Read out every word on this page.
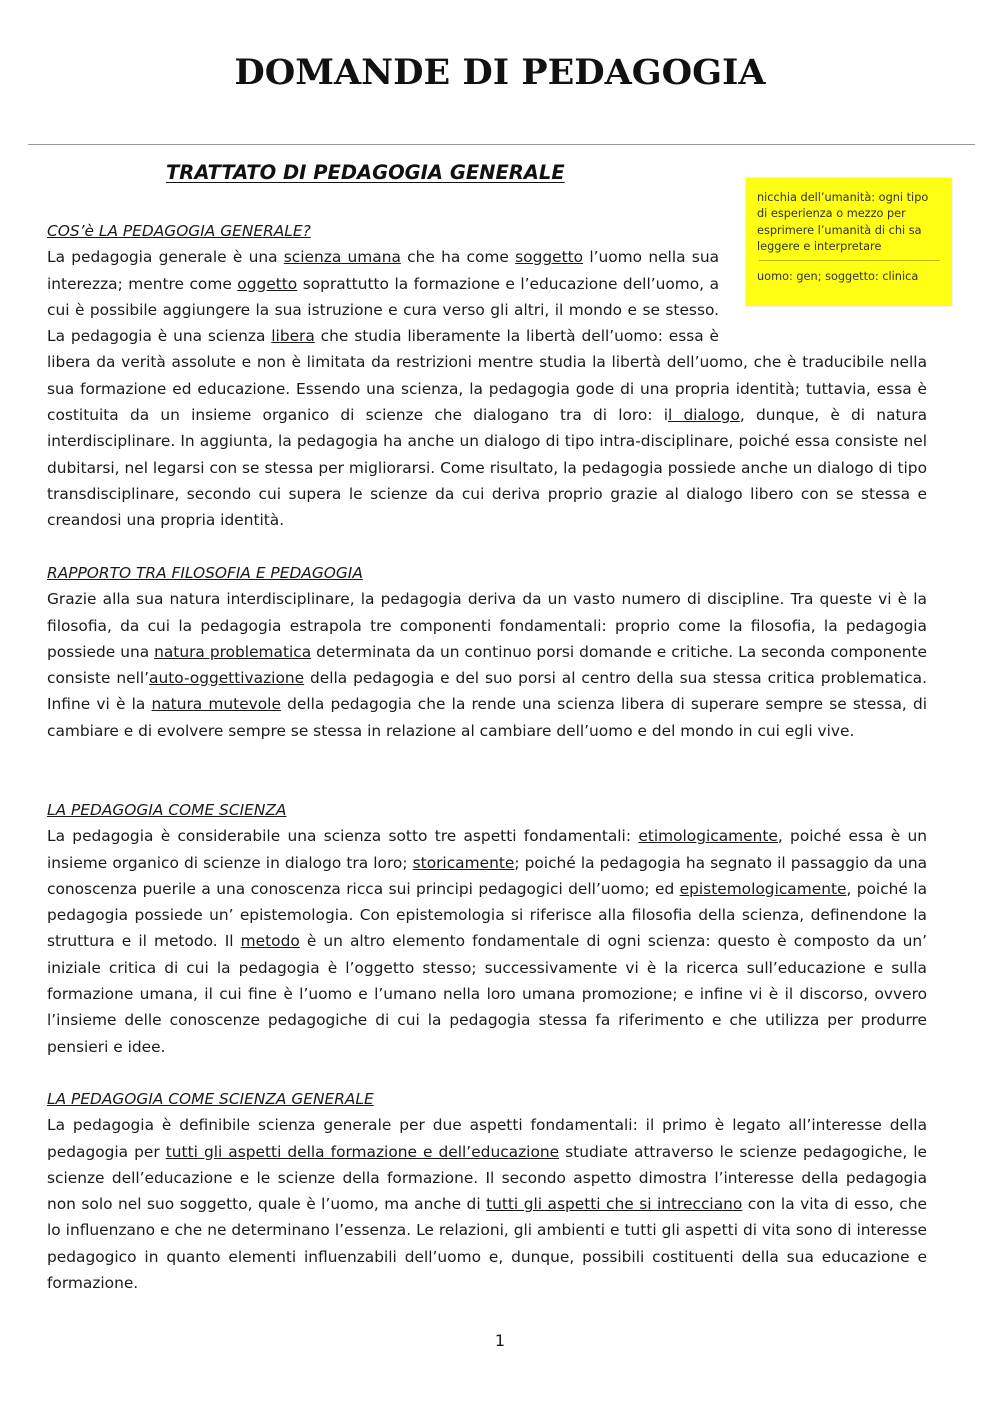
DOMANDE DI PEDAGOGIA
TRATTATO DI PEDAGOGIA GENERALE

nicchia dell’umanità: ogni tipo di esperienza o mezzo per esprimere l’umanità di chi sa leggere e interpretare

uomo: gen; soggetto: clinica

COS’è LA PEDAGOGIA GENERALE?

La pedagogia generale è una scienza umana che ha come soggetto l’uomo nella sua interezza; mentre come oggetto soprattutto la formazione e l’educazione dell’uomo, a cui è possibile aggiungere la sua istruzione e cura verso gli altri, il mondo e se stesso. La pedagogia è una scienza libera che studia liberamente la libertà dell’uomo: essa è libera da verità assolute e non è limitata da restrizioni mentre studia la libertà dell’uomo, che è traducibile nella sua formazione ed educazione. Essendo una scienza, la pedagogia gode di una propria identità; tuttavia, essa è costituita da un insieme organico di scienze che dialogano tra di loro: il dialogo, dunque, è di natura interdisciplinare. In aggiunta, la pedagogia ha anche un dialogo di tipo intra-disciplinare, poiché essa consiste nel dubitarsi, nel legarsi con se stessa per migliorarsi. Come risultato, la pedagogia possiede anche un dialogo di tipo transdisciplinare, secondo cui supera le scienze da cui deriva proprio grazie al dialogo libero con se stessa e creandosi una propria identità.

RAPPORTO TRA FILOSOFIA E PEDAGOGIA

Grazie alla sua natura interdisciplinare, la pedagogia deriva da un vasto numero di discipline. Tra queste vi è la filosofia, da cui la pedagogia estrapola tre componenti fondamentali: proprio come la filosofia, la pedagogia possiede una natura problematica determinata da un continuo porsi domande e critiche. La seconda componente consiste nell’auto-oggettivazione della pedagogia e del suo porsi al centro della sua stessa critica problematica. Infine vi è la natura mutevole della pedagogia che la rende una scienza libera di superare sempre se stessa, di cambiare e di evolvere sempre se stessa in relazione al cambiare dell’uomo e del mondo in cui egli vive.

LA PEDAGOGIA COME SCIENZA

La pedagogia è considerabile una scienza sotto tre aspetti fondamentali: etimologicamente, poiché essa è un insieme organico di scienze in dialogo tra loro; storicamente; poiché la pedagogia ha segnato il passaggio da una conoscenza puerile a una conoscenza ricca sui principi pedagogici dell’uomo; ed epistemologicamente, poiché la pedagogia possiede un’ epistemologia. Con epistemologia si riferisce alla filosofia della scienza, definendone la struttura e il metodo. Il metodo è un altro elemento fondamentale di ogni scienza: questo è composto da un’ iniziale critica di cui la pedagogia è l’oggetto stesso; successivamente vi è la ricerca sull’educazione e sulla formazione umana, il cui fine è l’uomo e l’umano nella loro umana promozione; e infine vi è il discorso, ovvero l’insieme delle conoscenze pedagogiche di cui la pedagogia stessa fa riferimento e che utilizza per produrre pensieri e idee.

LA PEDAGOGIA COME SCIENZA GENERALE

La pedagogia è definibile scienza generale per due aspetti fondamentali: il primo è legato all’interesse della pedagogia per tutti gli aspetti della formazione e dell’educazione studiate attraverso le scienze pedagogiche, le scienze dell’educazione e le scienze della formazione. Il secondo aspetto dimostra l’interesse della pedagogia non solo nel suo soggetto, quale è l’uomo, ma anche di tutti gli aspetti che si intrecciano con la vita di esso, che lo influenzano e che ne determinano l’essenza. Le relazioni, gli ambienti e tutti gli aspetti di vita sono di interesse pedagogico in quanto elementi influenzabili dell’uomo e, dunque, possibili costituenti della sua educazione e formazione.

1
